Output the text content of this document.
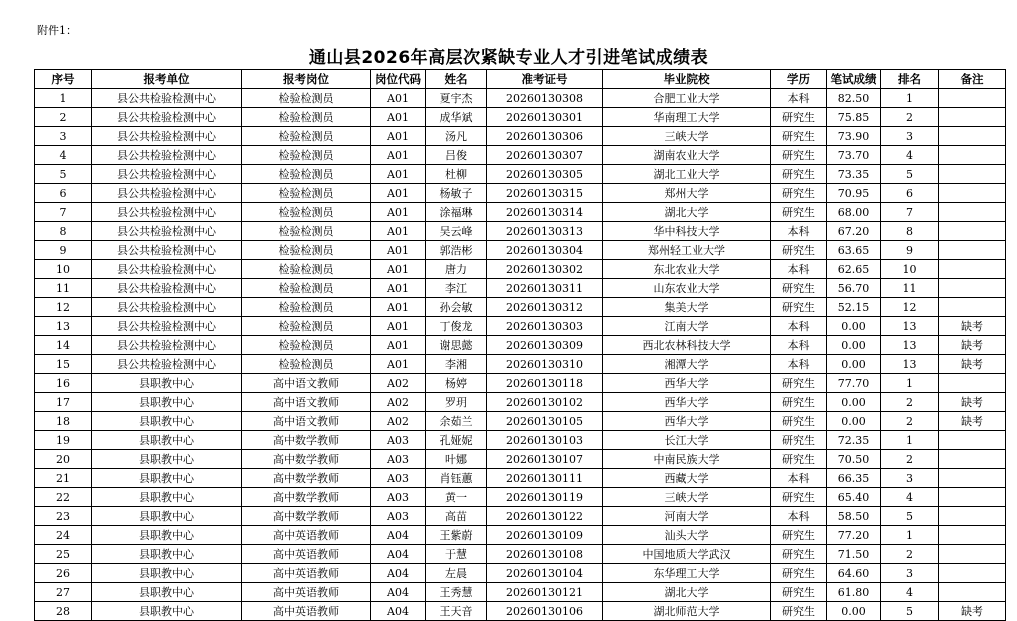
附件1：
通山县2026年高层次紧缺专业人才引进笔试成绩表
序号	报考单位	报考岗位	岗位代码	姓名	准考证号	毕业院校	学历	笔试成绩	排名	备注
1	县公共检验检测中心	检验检测员	A01	夏宇杰	20260130308	合肥工业大学	本科	82.50	1	
2	县公共检验检测中心	检验检测员	A01	成华斌	20260130301	华南理工大学	研究生	75.85	2	
3	县公共检验检测中心	检验检测员	A01	汤凡	20260130306	三峡大学	研究生	73.90	3	
4	县公共检验检测中心	检验检测员	A01	吕俊	20260130307	湖南农业大学	研究生	73.70	4	
5	县公共检验检测中心	检验检测员	A01	杜柳	20260130305	湖北工业大学	研究生	73.35	5	
6	县公共检验检测中心	检验检测员	A01	杨敏子	20260130315	郑州大学	研究生	70.95	6	
7	县公共检验检测中心	检验检测员	A01	涂福琳	20260130314	湖北大学	研究生	68.00	7	
8	县公共检验检测中心	检验检测员	A01	吴云峰	20260130313	华中科技大学	本科	67.20	8	
9	县公共检验检测中心	检验检测员	A01	郭浩彬	20260130304	郑州轻工业大学	研究生	63.65	9	
10	县公共检验检测中心	检验检测员	A01	唐力	20260130302	东北农业大学	本科	62.65	10	
11	县公共检验检测中心	检验检测员	A01	李江	20260130311	山东农业大学	研究生	56.70	11	
12	县公共检验检测中心	检验检测员	A01	孙会敏	20260130312	集美大学	研究生	52.15	12	
13	县公共检验检测中心	检验检测员	A01	丁俊龙	20260130303	江南大学	本科	0.00	13	缺考
14	县公共检验检测中心	检验检测员	A01	谢思懿	20260130309	西北农林科技大学	本科	0.00	13	缺考
15	县公共检验检测中心	检验检测员	A01	李湘	20260130310	湘潭大学	本科	0.00	13	缺考
16	县职教中心	高中语文教师	A02	杨婷	20260130118	西华大学	研究生	77.70	1	
17	县职教中心	高中语文教师	A02	罗玥	20260130102	西华大学	研究生	0.00	2	缺考
18	县职教中心	高中语文教师	A02	余茹兰	20260130105	西华大学	研究生	0.00	2	缺考
19	县职教中心	高中数学教师	A03	孔娅妮	20260130103	长江大学	研究生	72.35	1	
20	县职教中心	高中数学教师	A03	叶娜	20260130107	中南民族大学	研究生	70.50	2	
21	县职教中心	高中数学教师	A03	肖钰蕙	20260130111	西藏大学	本科	66.35	3	
22	县职教中心	高中数学教师	A03	黄一	20260130119	三峡大学	研究生	65.40	4	
23	县职教中心	高中数学教师	A03	高苗	20260130122	河南大学	本科	58.50	5	
24	县职教中心	高中英语教师	A04	王紫蔚	20260130109	汕头大学	研究生	77.20	1	
25	县职教中心	高中英语教师	A04	于慧	20260130108	中国地质大学武汉	研究生	71.50	2	
26	县职教中心	高中英语教师	A04	左晨	20260130104	东华理工大学	研究生	64.60	3	
27	县职教中心	高中英语教师	A04	王秀慧	20260130121	湖北大学	研究生	61.80	4	
28	县职教中心	高中英语教师	A04	王天音	20260130106	湖北师范大学	研究生	0.00	5	缺考
